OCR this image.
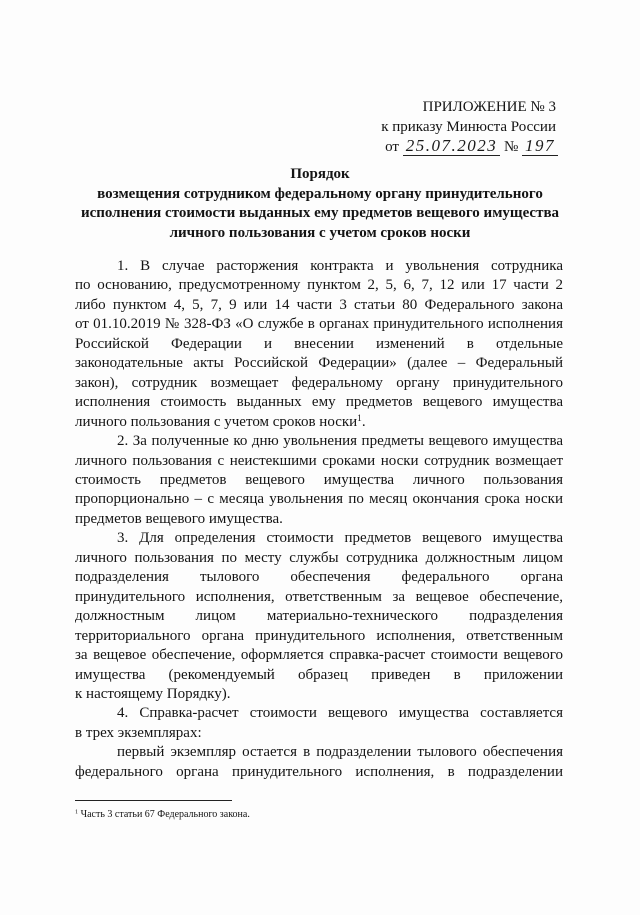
ПРИЛОЖЕНИЕ № 3
к приказу Минюста России
от 25.07.2023 № 197
Порядок
возмещения сотрудником федеральному органу принудительного
исполнения стоимости выданных ему предметов вещевого имущества
личного пользования с учетом сроков носки
1. В случае расторжения контракта и увольнения сотрудника
по основанию, предусмотренному пунктом 2, 5, 6, 7, 12 или 17 части 2
либо пунктом 4, 5, 7, 9 или 14 части 3 статьи 80 Федерального закона
от 01.10.2019 № 328-ФЗ «О службе в органах принудительного исполнения
Российской Федерации и внесении изменений в отдельные
законодательные акты Российской Федерации» (далее – Федеральный
закон), сотрудник возмещает федеральному органу принудительного
исполнения стоимость выданных ему предметов вещевого имущества
личного пользования с учетом сроков носки$^1$.
2. За полученные ко дню увольнения предметы вещевого имущества
личного пользования с неистекшими сроками носки сотрудник возмещает
стоимость предметов вещевого имущества личного пользования
пропорционально – с месяца увольнения по месяц окончания срока носки
предметов вещевого имущества.
3. Для определения стоимости предметов вещевого имущества
личного пользования по месту службы сотрудника должностным лицом
подразделения тылового обеспечения федерального органа
принудительного исполнения, ответственным за вещевое обеспечение,
должностным лицом материально-технического подразделения
территориального органа принудительного исполнения, ответственным
за вещевое обеспечение, оформляется справка-расчет стоимости вещевого
имущества (рекомендуемый образец приведен в приложении
к настоящему Порядку).
4. Справка-расчет стоимости вещевого имущества составляется
в трех экземплярах:
первый экземпляр остается в подразделении тылового обеспечения
федерального органа принудительного исполнения, в подразделении
$^1$ Часть 3 статьи 67 Федерального закона.
